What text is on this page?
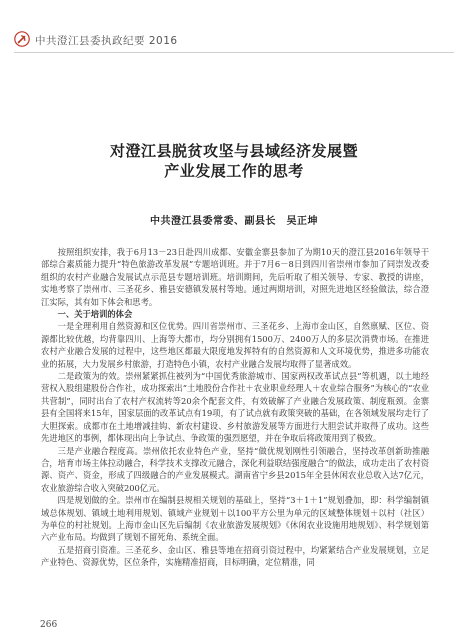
中共澄江县委执政纪要 2016
对澄江县脱贫攻坚与县域经济发展暨
产业发展工作的思考
中共澄江县委常委、副县长　吴正坤

按照组织安排，我于6月13－23日赴四川成都、安徽金寨县参加了为期10天的澄江县2016年领导干部综合素质能力提升“特色旅游改革发展”专题培训班。并于7月6－8日到四川省崇州市参加了同崇发改委组织的农村产业融合发展试点示范县专题培训班。培训期间，先后听取了相关领导、专家、教授的讲座，实地考察了崇州市、三圣花乡、雅县安德镇发展村等地。通过两期培训，对照先进地区经验做法，综合澄江实际，其有如下体会和思考。

一、关于培训的体会

一是全理利用自然资源和区位优势。四川省崇州市、三圣花乡、上海市金山区，自然禀赋、区位、资源都比较优越，均背靠四川、上海等大都市，均分别拥有1500万、2400万人的多层次消费市场。在推进农村产业融合发展的过程中，这些地区都最大限度地发挥特有的自然资源和人文环境优势，推进多功能农业的拓展，大力发展乡村旅游，打造特色小镇，农村产业融合发展均取得了显著成效。

二是政策为的效。崇州紧紧抓住被列为“中国优秀旅游城市、国家两权改革试点县”等机遇，以土地经营权入股组建股份合作社，成功探索出“土地股份合作社＋农业职业经理人＋农业综合服务”为核心的“农业共营制”，同时出台了农村产权流转等20余个配套文件，有效破解了产业融合发展政策、制度瓶颈。金寨县有全国将来15年，国家层面的改革试点有19项，有了试点就有政策突破的基础，在各领域发展均走行了大胆探索。成都市在土地增减挂钩、新农村建设、乡村旅游发展等方面进行大胆尝试并取得了成功。这些先进地区的事例，都体现出向上争试点、争政策的强烈愿望，并在争取后将政策用到了极致。

三是产业融合程度高。崇州依托农业特色产业，坚持“做优规划刚性引领融合，坚持改革创新助推融合，培育市场主体拉动融合，科学技术支撑改元融合，深化利益联结强度融合”的做法，成功走出了农村资源、资产、资金，形成了四级融合的产业发展模式。湖南省宁乡县2015年全县休闲农业总收入达7亿元，农业旅游综合收入突破200亿元。

四是规划做的全。崇州市在编制县规相关规划的基础上，坚持“3＋1＋1”规划叠加，即：科学编制镇域总体规划、镇域土地利用规划、镇域产业规划＋以100平方公里为单元的区域整体规划＋以村（社区）为单位的村社规划。上海市金山区先后编制《农业旅游发展规划》《休闲农业设施用地规划》、科学规划第六产业布局。均做到了规划不留死角、系统全面。

五是招商引资准。三圣花乡、金山区、雅县等地在招商引资过程中，均紧紧结合产业发展规划，立足产业特色、资源优势，区位条件，实施精准招商，目标明确，定位精准，同

266
